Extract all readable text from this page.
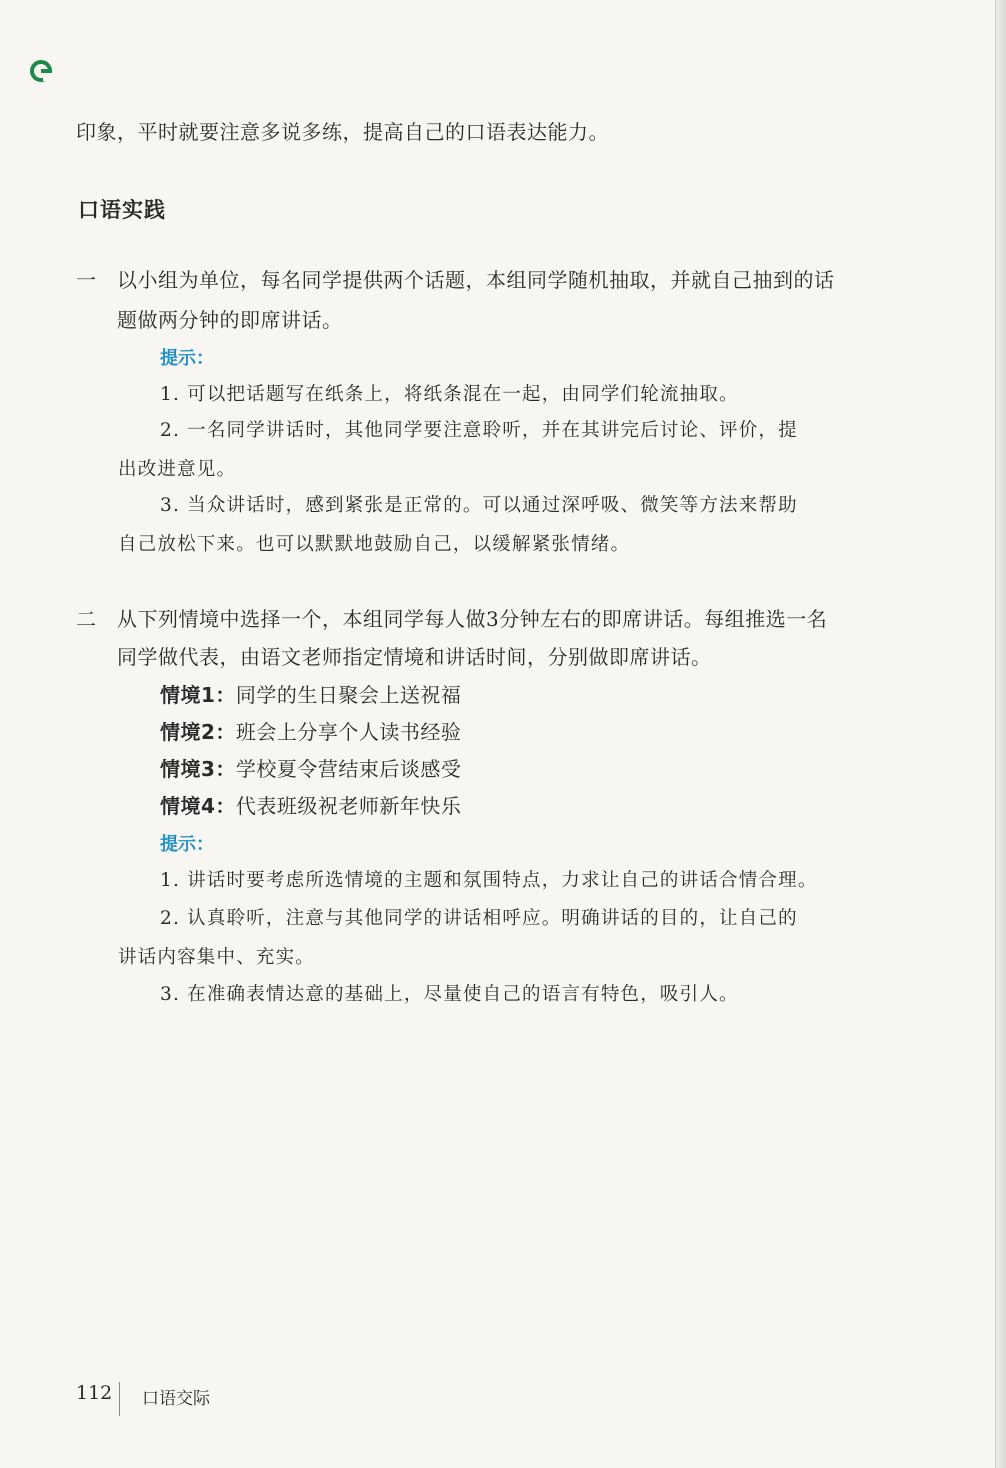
印象，平时就要注意多说多练，提高自己的口语表达能力。
口语实践
一 以小组为单位，每名同学提供两个话题，本组同学随机抽取，并就自己抽到的话
题做两分钟的即席讲话。
提示：
1. 可以把话题写在纸条上，将纸条混在一起，由同学们轮流抽取。
2. 一名同学讲话时，其他同学要注意聆听，并在其讲完后讨论、评价，提
出改进意见。
3. 当众讲话时，感到紧张是正常的。可以通过深呼吸、微笑等方法来帮助
自己放松下来。也可以默默地鼓励自己，以缓解紧张情绪。
二 从下列情境中选择一个，本组同学每人做3分钟左右的即席讲话。每组推选一名
同学做代表，由语文老师指定情境和讲话时间，分别做即席讲话。
情境1：同学的生日聚会上送祝福
情境2：班会上分享个人读书经验
情境3：学校夏令营结束后谈感受
情境4：代表班级祝老师新年快乐
提示：
1. 讲话时要考虑所选情境的主题和氛围特点，力求让自己的讲话合情合理。
2. 认真聆听，注意与其他同学的讲话相呼应。明确讲话的目的，让自己的
讲话内容集中、充实。
3. 在准确表情达意的基础上，尽量使自己的语言有特色，吸引人。
112 口语交际
